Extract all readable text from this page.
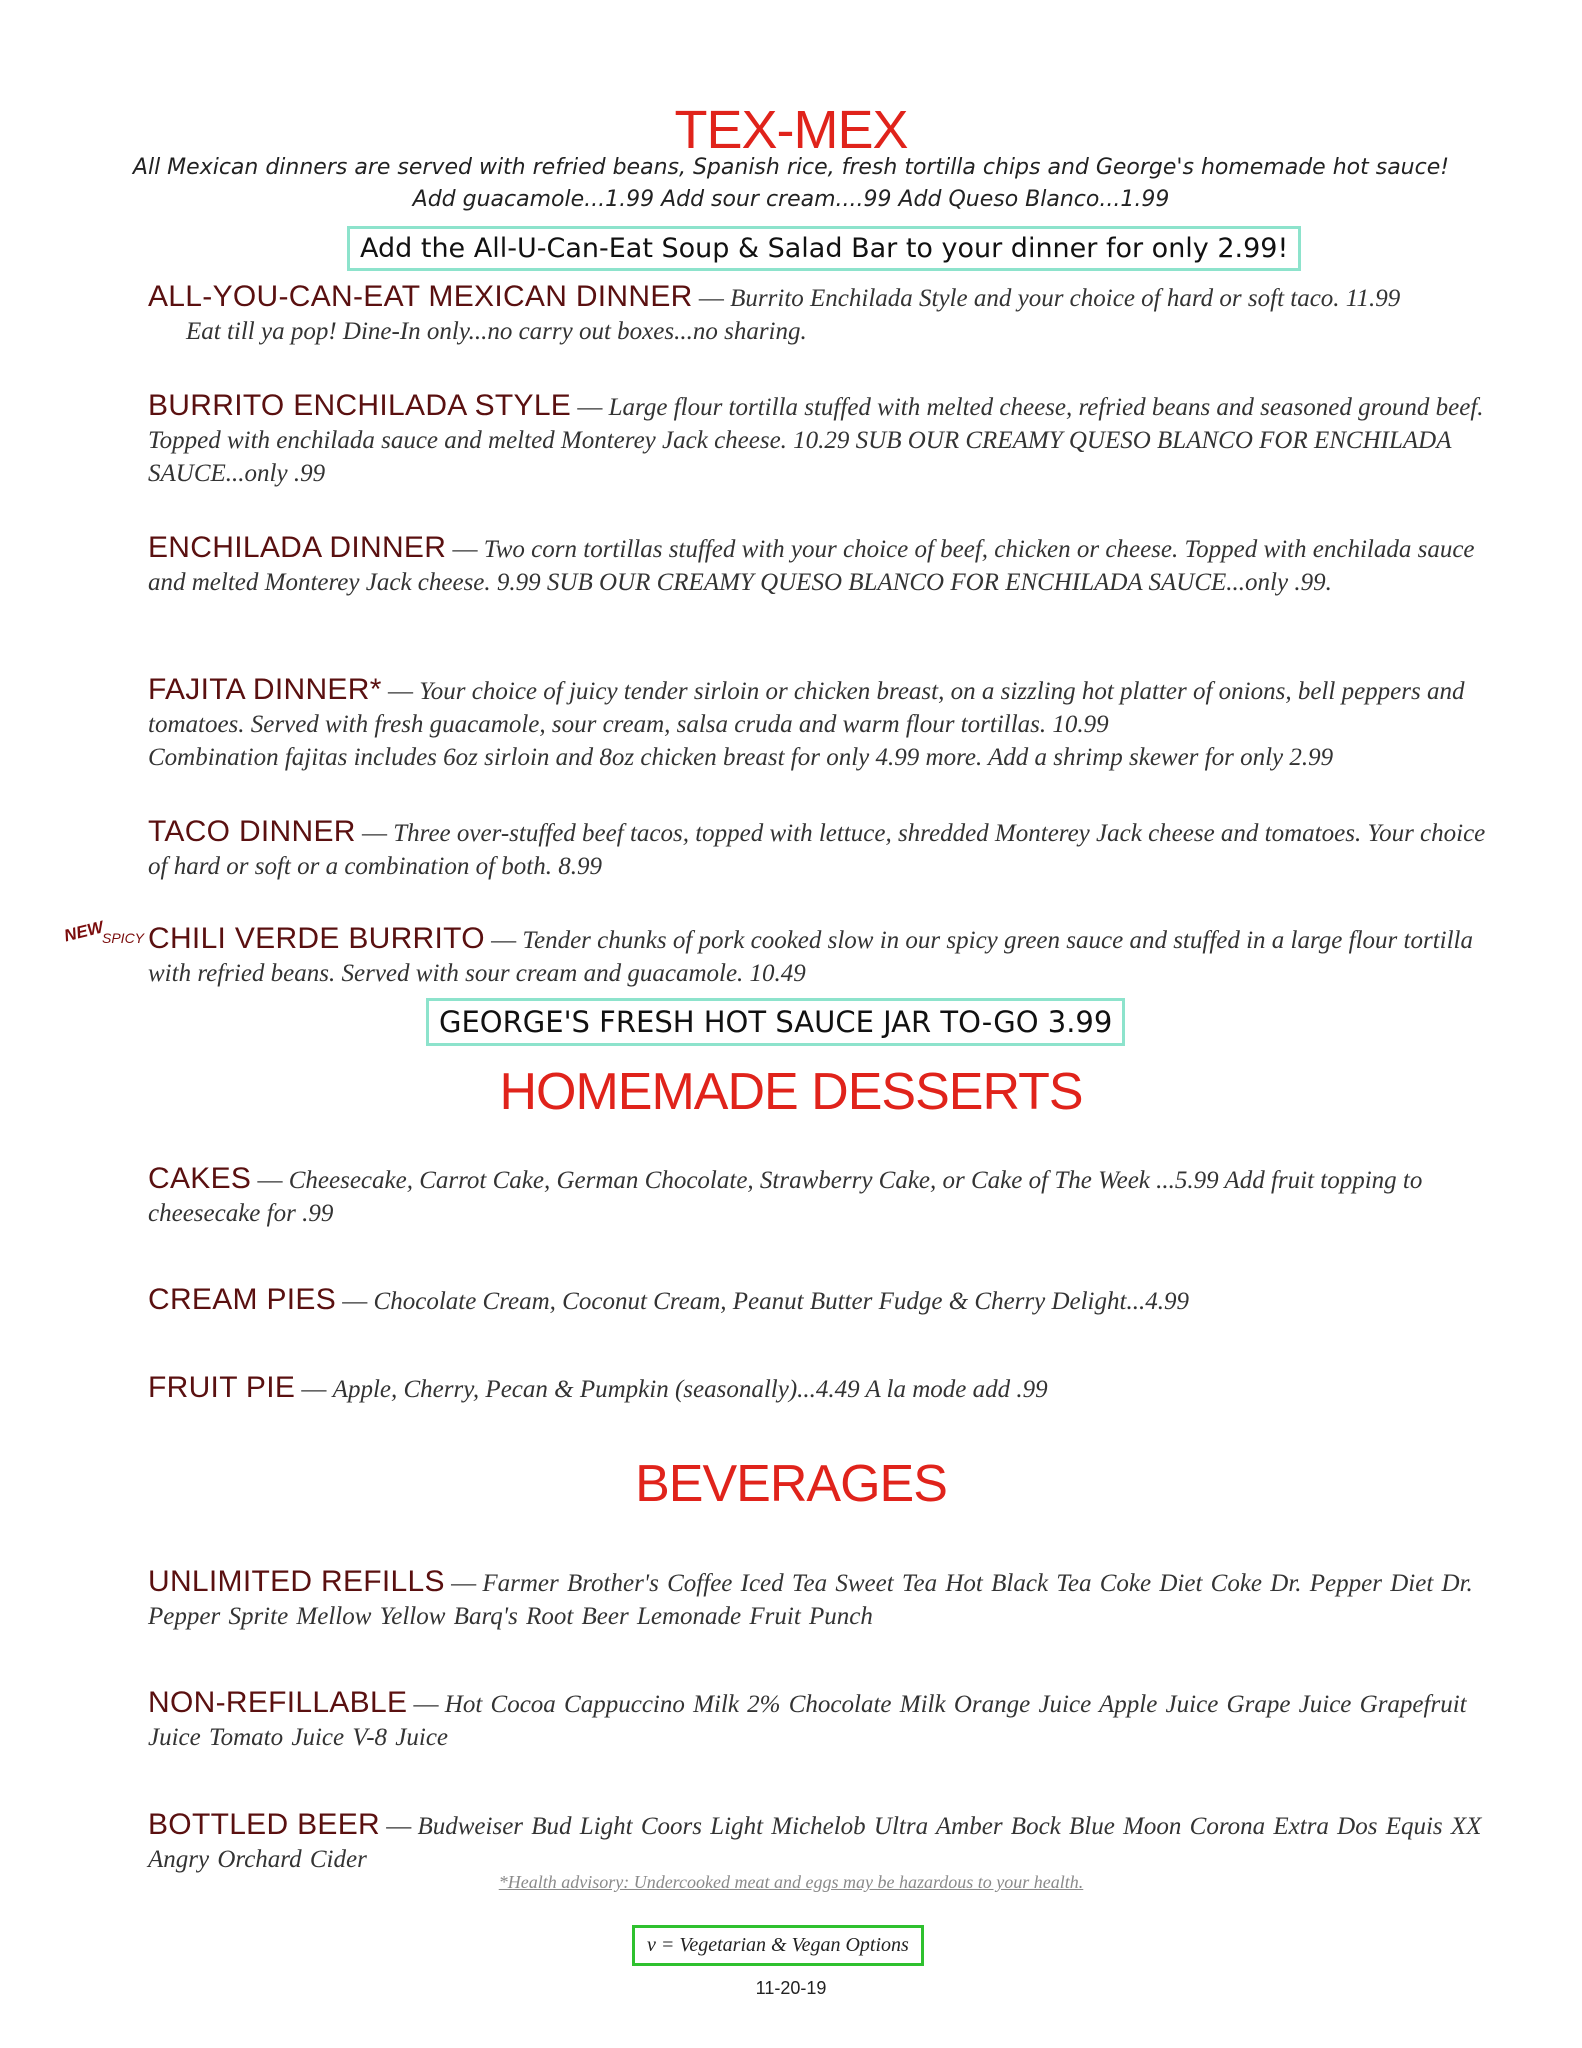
TEX-MEX
All Mexican dinners are served with refried beans, Spanish rice, fresh tortilla chips and George's homemade hot sauce!
Add guacamole...1.99 Add sour cream....99 Add Queso Blanco...1.99
Add the All-U-Can-Eat Soup & Salad Bar to your dinner for only 2.99!
ALL-YOU-CAN-EAT MEXICAN DINNER — Burrito Enchilada Style and your choice of hard or soft taco. 11.99
Eat till ya pop! Dine-In only...no carry out boxes...no sharing.
BURRITO ENCHILADA STYLE — Large flour tortilla stuffed with melted cheese, refried beans and seasoned ground beef. Topped with enchilada sauce and melted Monterey Jack cheese. 10.29 SUB OUR CREAMY QUESO BLANCO FOR ENCHILADA SAUCE...only .99
ENCHILADA DINNER — Two corn tortillas stuffed with your choice of beef, chicken or cheese. Topped with enchilada sauce and melted Monterey Jack cheese. 9.99 SUB OUR CREAMY QUESO BLANCO FOR ENCHILADA SAUCE...only .99.
FAJITA DINNER* — Your choice of juicy tender sirloin or chicken breast, on a sizzling hot platter of onions, bell peppers and tomatoes. Served with fresh guacamole, sour cream, salsa cruda and warm flour tortillas. 10.99
Combination fajitas includes 6oz sirloin and 8oz chicken breast for only 4.99 more. Add a shrimp skewer for only 2.99
TACO DINNER — Three over-stuffed beef tacos, topped with lettuce, shredded Monterey Jack cheese and tomatoes. Your choice of hard or soft or a combination of both. 8.99
NEW
SPICY CHILI VERDE BURRITO — Tender chunks of pork cooked slow in our spicy green sauce and stuffed in a large flour tortilla with refried beans. Served with sour cream and guacamole. 10.49
GEORGE'S FRESH HOT SAUCE JAR TO-GO 3.99
HOMEMADE DESSERTS
CAKES — Cheesecake, Carrot Cake, German Chocolate, Strawberry Cake, or Cake of The Week ...5.99 Add fruit topping to cheesecake for .99
CREAM PIES — Chocolate Cream, Coconut Cream, Peanut Butter Fudge & Cherry Delight...4.99
FRUIT PIE — Apple, Cherry, Pecan & Pumpkin (seasonally)...4.49 A la mode add .99
BEVERAGES
UNLIMITED REFILLS — Farmer Brother's Coffee Iced Tea Sweet Tea Hot Black Tea Coke Diet Coke Dr. Pepper Diet Dr. Pepper Sprite Mellow Yellow Barq's Root Beer Lemonade Fruit Punch
NON-REFILLABLE — Hot Cocoa Cappuccino Milk 2% Chocolate Milk Orange Juice Apple Juice Grape Juice Grapefruit Juice Tomato Juice V-8 Juice
BOTTLED BEER — Budweiser Bud Light Coors Light Michelob Ultra Amber Bock Blue Moon Corona Extra Dos Equis XX Angry Orchard Cider
*Health advisory: Undercooked meat and eggs may be hazardous to your health.
v = Vegetarian & Vegan Options
11-20-19
